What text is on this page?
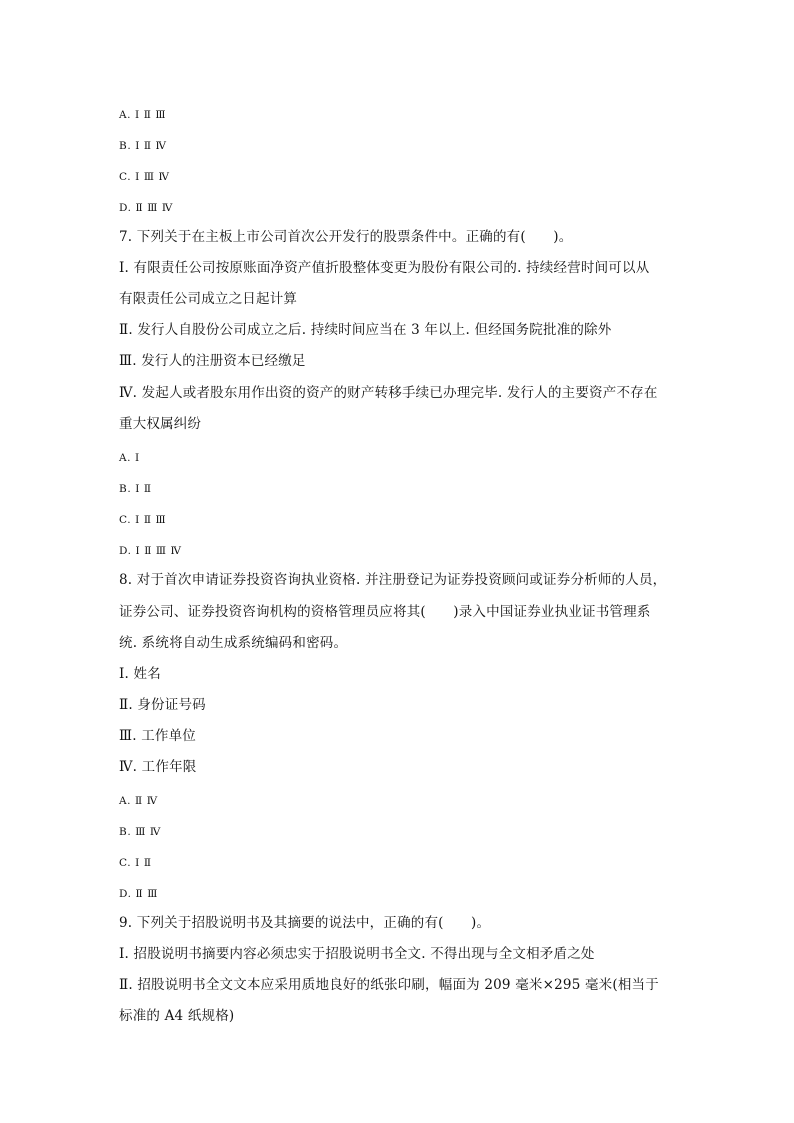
A. Ⅰ Ⅱ Ⅲ
B. Ⅰ Ⅱ Ⅳ
C. Ⅰ Ⅲ Ⅳ
D. Ⅱ Ⅲ Ⅳ
7. 下列关于在主板上市公司首次公开发行的股票条件中。正确的有(　　)。
Ⅰ. 有限责任公司按原账面净资产值折股整体变更为股份有限公司的. 持续经营时间可以从
有限责任公司成立之日起计算
Ⅱ. 发行人自股份公司成立之后. 持续时间应当在 3 年以上. 但经国务院批准的除外
Ⅲ. 发行人的注册资本已经缴足
Ⅳ. 发起人或者股东用作出资的资产的财产转移手续已办理完毕. 发行人的主要资产不存在
重大权属纠纷
A. Ⅰ
B. Ⅰ Ⅱ
C. Ⅰ Ⅱ Ⅲ
D. Ⅰ Ⅱ Ⅲ Ⅳ
8. 对于首次申请证券投资咨询执业资格. 并注册登记为证券投资顾问或证券分析师的人员，
证券公司、证券投资咨询机构的资格管理员应将其(　　)录入中国证券业执业证书管理系
统. 系统将自动生成系统编码和密码。
Ⅰ. 姓名
Ⅱ. 身份证号码
Ⅲ. 工作单位
Ⅳ. 工作年限
A. Ⅱ Ⅳ
B. Ⅲ Ⅳ
C. Ⅰ Ⅱ
D. Ⅱ Ⅲ
9. 下列关于招股说明书及其摘要的说法中，正确的有(　　)。
Ⅰ. 招股说明书摘要内容必须忠实于招股说明书全文. 不得出现与全文相矛盾之处
Ⅱ. 招股说明书全文文本应采用质地良好的纸张印刷，幅面为 209 毫米×295 毫米(相当于
标准的 A4 纸规格)
